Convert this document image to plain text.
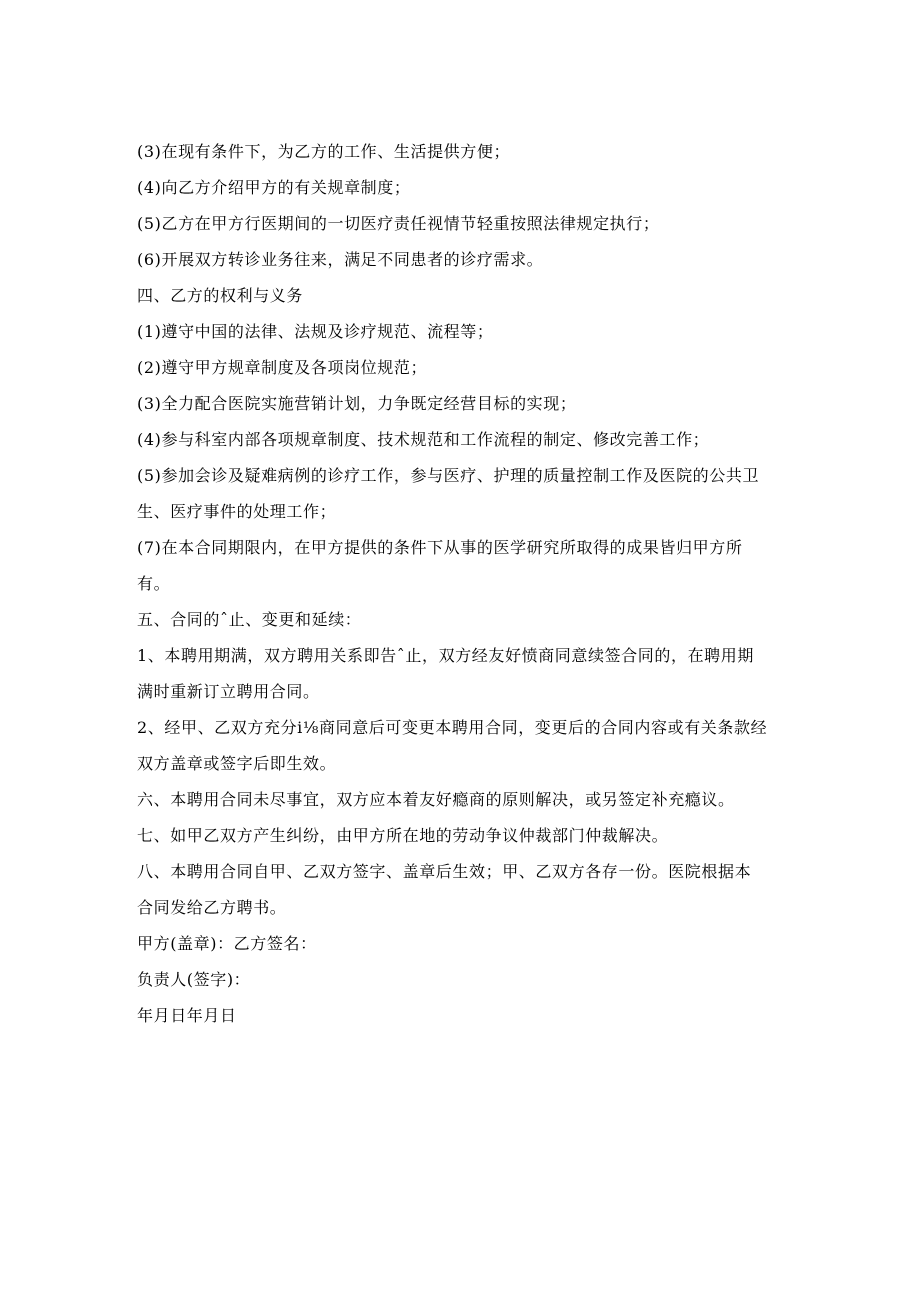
(3)在现有条件下，为乙方的工作、生活提供方便；
(4)向乙方介绍甲方的有关规章制度；
(5)乙方在甲方行医期间的一切医疗责任视情节轻重按照法律规定执行；
(6)开展双方转诊业务往来，满足不同患者的诊疗需求。
四、乙方的权利与义务
(1)遵守中国的法律、法规及诊疗规范、流程等；
(2)遵守甲方规章制度及各项岗位规范；
(3)全力配合医院实施营销计划，力争既定经营目标的实现；
(4)参与科室内部各项规章制度、技术规范和工作流程的制定、修改完善工作；
(5)参加会诊及疑难病例的诊疗工作，参与医疗、护理的质量控制工作及医院的公共卫
生、医疗事件的处理工作；
(7)在本合同期限内，在甲方提供的条件下从事的医学研究所取得的成果皆归甲方所
有。
五、合同的ˆ止、变更和延续：
1、本聘用期满，双方聘用关系即告ˆ止，双方经友好愤商同意续签合同的，在聘用期
满时重新订立聘用合同。
2、经甲、乙双方充分i⅛商同意后可变更本聘用合同，变更后的合同内容或有关条款经
双方盖章或签字后即生效。
六、本聘用合同未尽事宜，双方应本着友好瘾商的原则解决，或另签定补充瘾议。
七、如甲乙双方产生纠纷，由甲方所在地的劳动争议仲裁部门仲裁解决。
八、本聘用合同自甲、乙双方签字、盖章后生效；甲、乙双方各存一份。医院根据本
合同发给乙方聘书。
甲方(盖章)：乙方签名：
负责人(签字)：
年月日年月日
